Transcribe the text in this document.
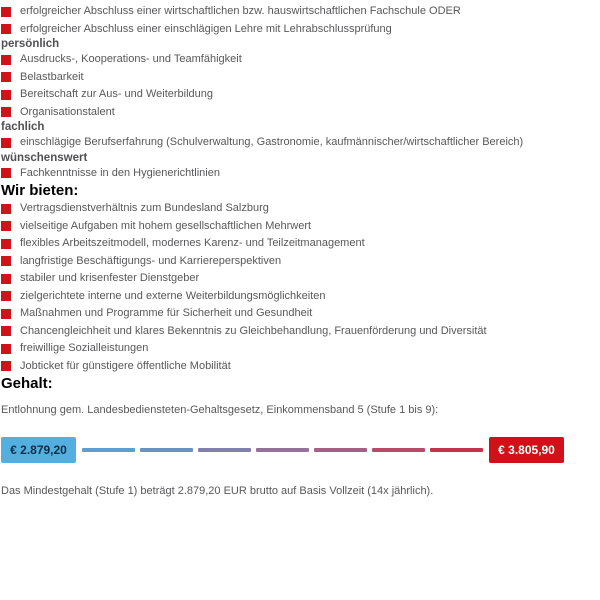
erfolgreicher Abschluss einer wirtschaftlichen bzw. hauswirtschaftlichen Fachschule ODER
erfolgreicher Abschluss einer einschlägigen Lehre mit Lehrabschlussprüfung
persönlich
Ausdrucks-, Kooperations- und Teamfähigkeit
Belastbarkeit
Bereitschaft zur Aus- und Weiterbildung
Organisationstalent
fachlich
einschlägige Berufserfahrung (Schulverwaltung, Gastronomie, kaufmännischer/wirtschaftlicher Bereich)
wünschenswert
Fachkenntnisse in den Hygienerichtlinien
Wir bieten:
Vertragsdienstverhältnis zum Bundesland Salzburg
vielseitige Aufgaben mit hohem gesellschaftlichen Mehrwert
flexibles Arbeitszeitmodell, modernes Karenz- und Teilzeitmanagement
langfristige Beschäftigungs- und Karriereperspektiven
stabiler und krisenfester Dienstgeber
zielgerichtete interne und externe Weiterbildungsmöglichkeiten
Maßnahmen und Programme für Sicherheit und Gesundheit
Chancengleichheit und klares Bekenntnis zu Gleichbehandlung, Frauenförderung und Diversität
freiwillige Sozialleistungen
Jobticket für günstigere öffentliche Mobilität
Gehalt:

Entlohnung gem. Landesbediensteten-Gehaltsgesetz, Einkommensband 5 (Stufe 1 bis 9):

€ 2.879,20	€ 3.805,90

Das Mindestgehalt (Stufe 1) beträgt 2.879,20 EUR brutto auf Basis Vollzeit (14x jährlich).
